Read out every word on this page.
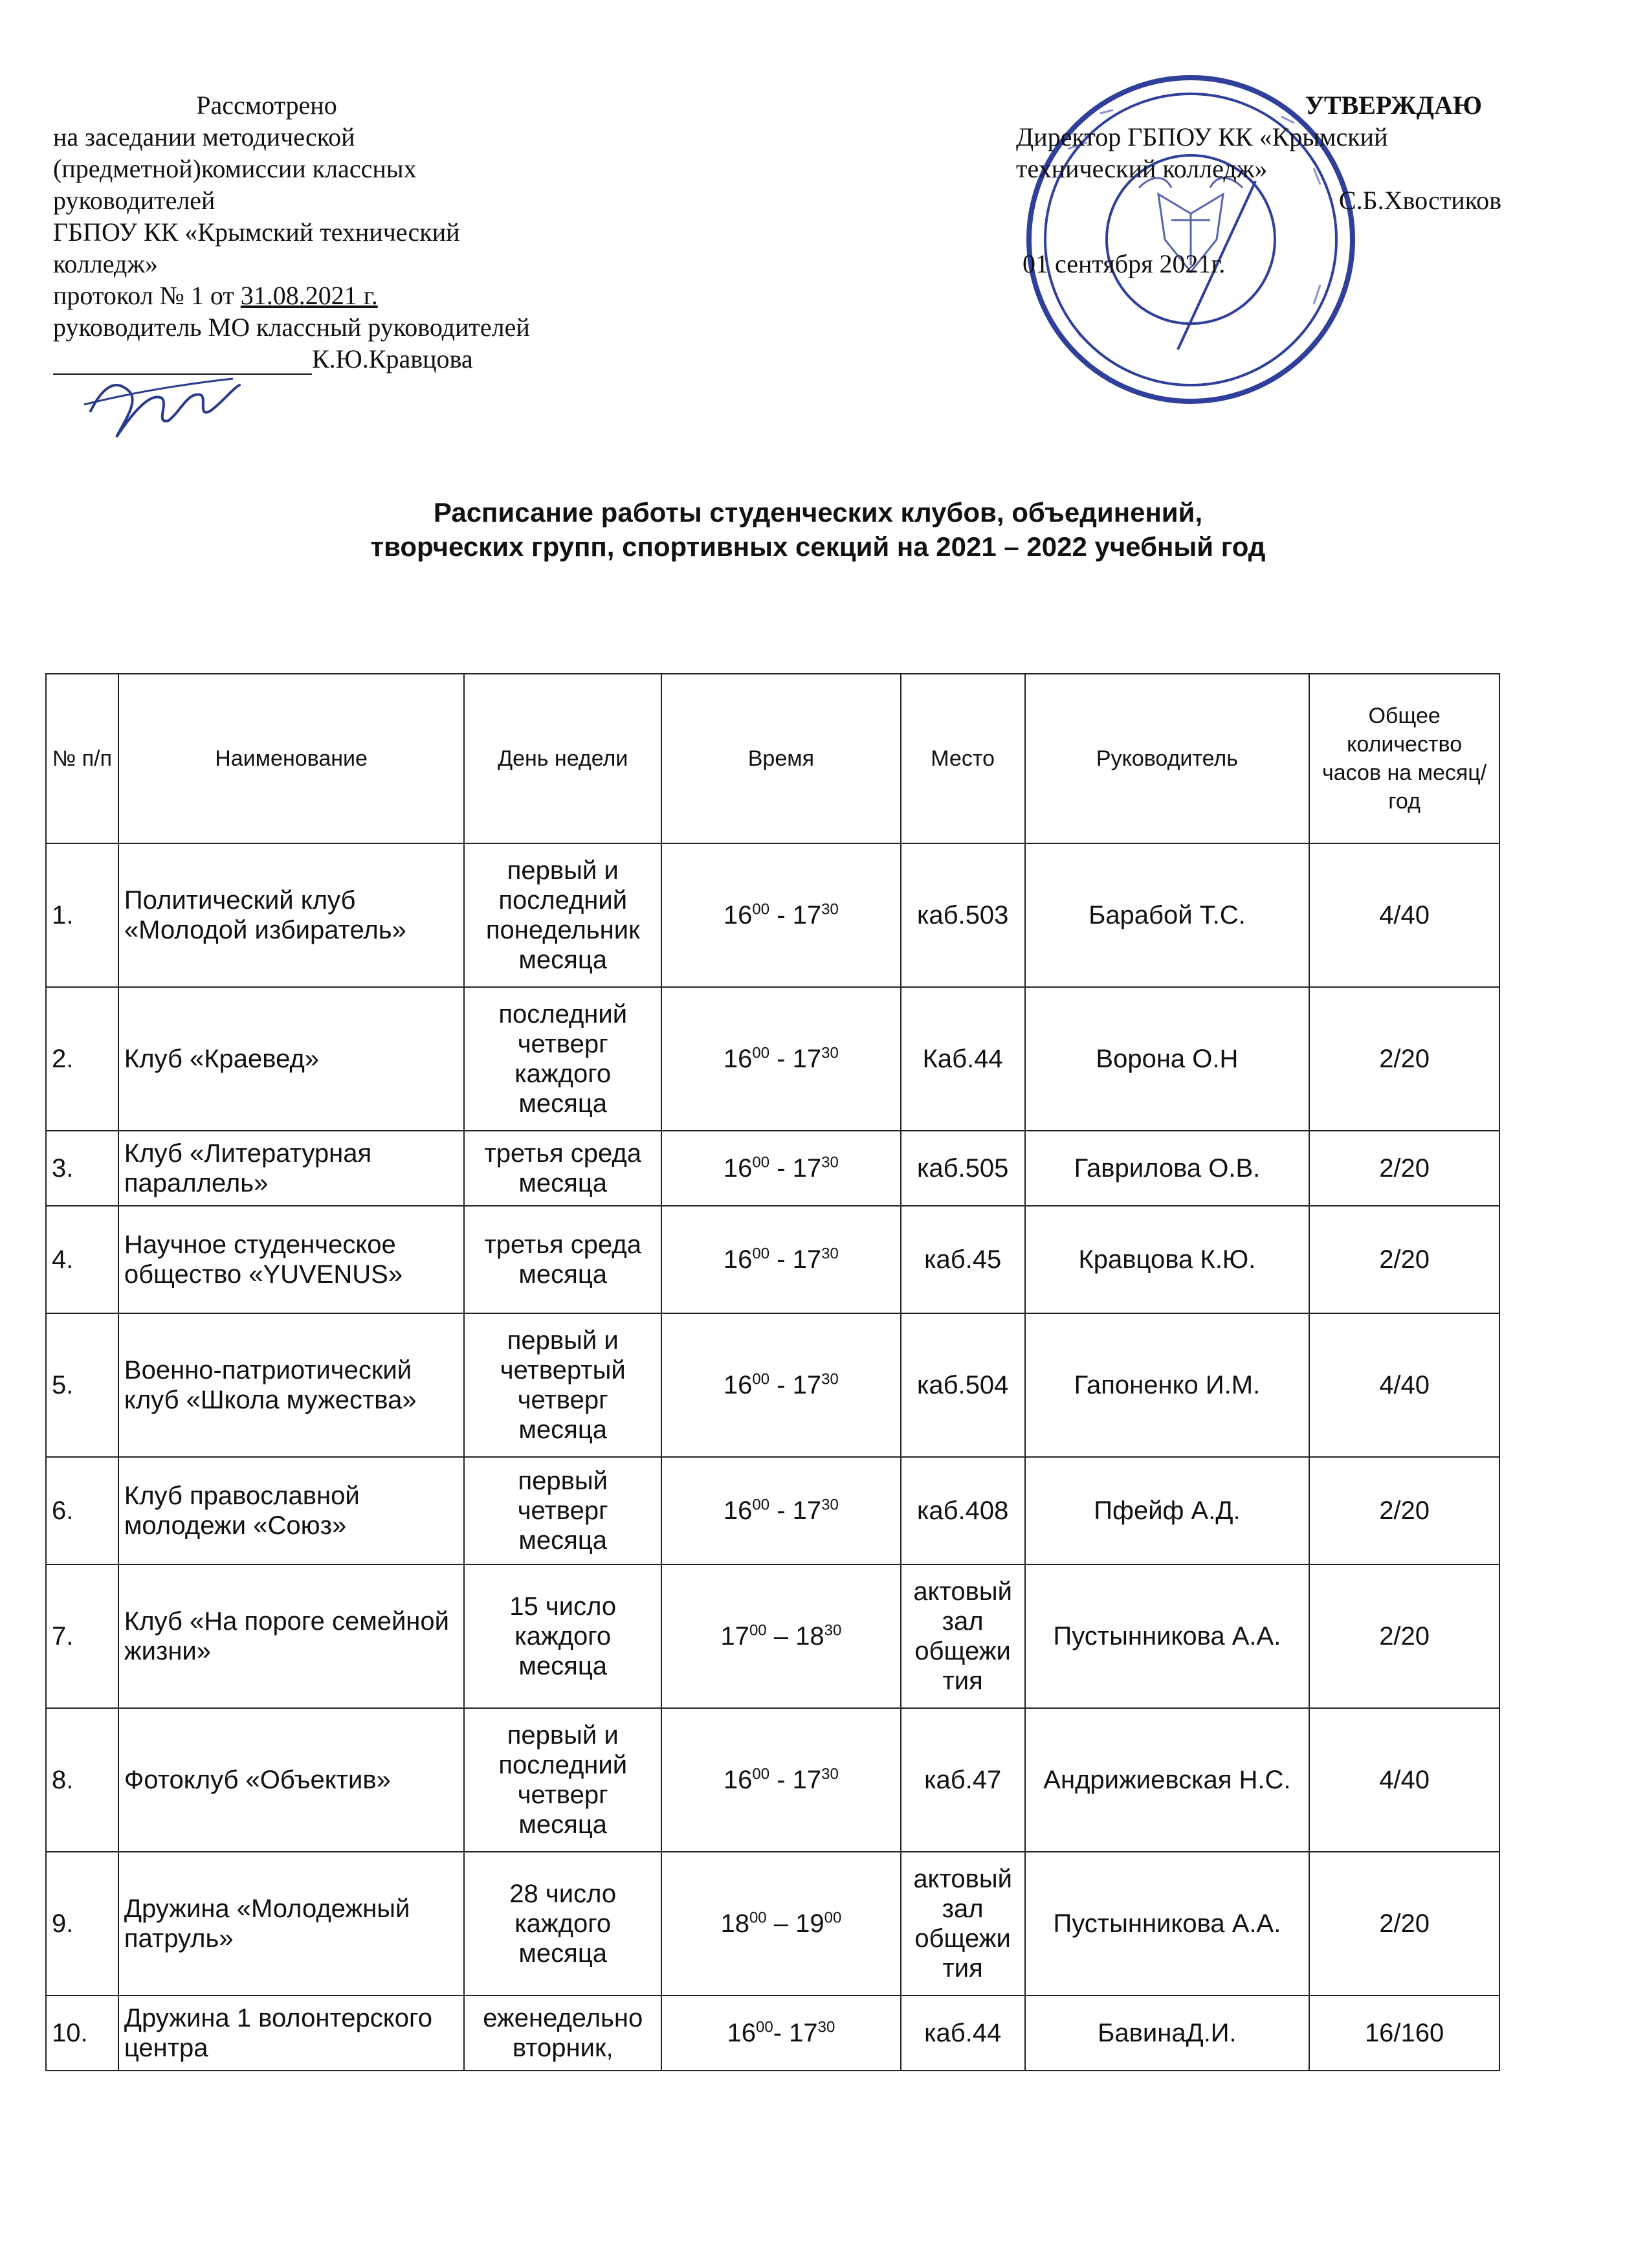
Рассмотрено
на заседании методической
(предметной)комиссии классных
руководителей
ГБПОУ КК «Крымский технический
колледж»
протокол № 1 от 31.08.2021 г.
руководитель МО классный руководителей
К.Ю.Кравцова
УТВЕРЖДАЮ
Директор ГБПОУ КК «Крымский
технический колледж»
С.Б.Хвостиков
01 сентября 2021г.
Расписание работы студенческих клубов, объединений,
творческих групп, спортивных секций на 2021 – 2022 учебный год
№ п/п	Наименование	День недели	Время	Место	Руководитель	Общее количество часов на месяц/ год
1.	Политический клуб «Молодой избиратель»	первый и последний понедельник месяца	$16^{00} - 17^{30}$	каб.503	Барабой Т.С.	4/40
2.	Клуб «Краевед»	последний четверг каждого месяца	$16^{00} - 17^{30}$	Каб.44	Ворона О.Н	2/20
3.	Клуб «Литературная параллель»	третья среда месяца	$16^{00} - 17^{30}$	каб.505	Гаврилова О.В.	2/20
4.	Научное студенческое общество «YUVENUS»	третья среда месяца	$16^{00} - 17^{30}$	каб.45	Кравцова К.Ю.	2/20
5.	Военно-патриотический клуб «Школа мужества»	первый и четвертый четверг месяца	$16^{00} - 17^{30}$	каб.504	Гапоненко И.М.	4/40
6.	Клуб православной молодежи «Союз»	первый четверг месяца	$16^{00} - 17^{30}$	каб.408	Пфейф А.Д.	2/20
7.	Клуб «На пороге семейной жизни»	15 число каждого месяца	$17^{00} - 18^{30}$	актовый зал общежи тия	Пустынникова А.А.	2/20
8.	Фотоклуб «Объектив»	первый и последний четверг месяца	$16^{00} - 17^{30}$	каб.47	Андрижиевская Н.С.	4/40
9.	Дружина «Молодежный патруль»	28 число каждого месяца	$18^{00} - 19^{00}$	актовый зал общежи тия	Пустынникова А.А.	2/20
10.	Дружина 1 волонтерского центра	еженедельно вторник,	$16^{00}-$ $17^{30}$	каб.44	БавинаД.И.	16/160
